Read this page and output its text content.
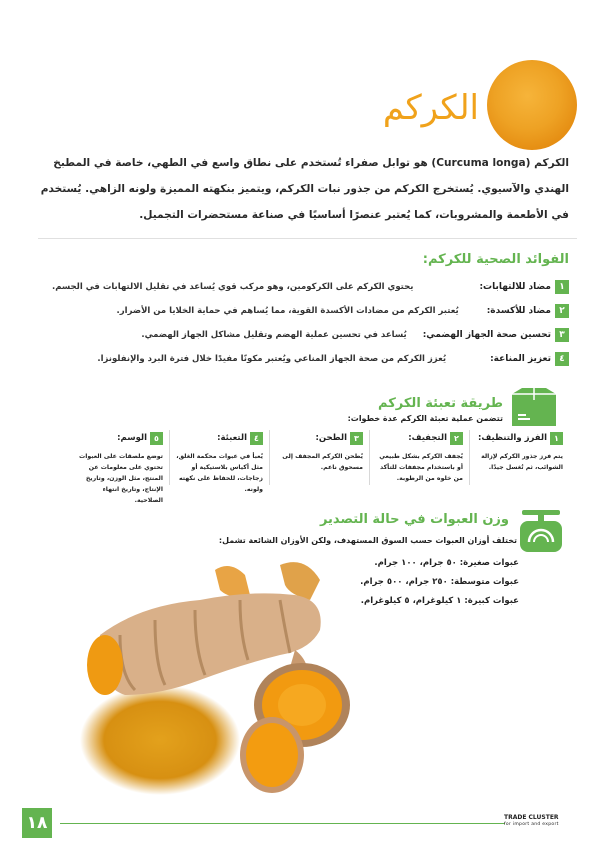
الكركم
الكركم (Curcuma longa) هو توابل صفراء تُستخدم على نطاق واسع في الطهي، خاصة في المطبخ الهندي والآسيوي. يُستخرج الكركم من جذور نبات الكركم، ويتميز بنكهته المميزة ولونه الزاهي. يُستخدم في الأطعمة والمشروبات، كما يُعتبر عنصرًا أساسيًا في صناعة مستحضرات التجميل.
الفوائد الصحية للكركم:
١
مضاد للالتهابات:
يحتوي الكركم على الكركومين، وهو مركب قوي يُساعد في تقليل الالتهابات في الجسم.
٢
مضاد للأكسدة:
يُعتبر الكركم من مضادات الأكسدة القوية، مما يُساهم في حماية الخلايا من الأضرار.
٣
تحسين صحة الجهاز الهضمي:
يُساعد في تحسين عملية الهضم وتقليل مشاكل الجهاز الهضمي.
٤
تعزيز المناعة:
يُعزز الكركم من صحة الجهاز المناعي ويُعتبر مكونًا مفيدًا خلال فترة البرد والإنفلونزا.
طريقة تعبئة الكركم
تتضمن عملية تعبئة الكركم عدة خطوات:
١
الفرز والتنظيف:
يتم فرز جذور الكركم لإزالة الشوائب، ثم تُغسل جيدًا.
٢
التجفيف:
يُجفف الكركم بشكل طبيعي أو باستخدام مجففات للتأكد من خلوه من الرطوبة.
٣
الطحن:
يُطحن الكركم المجفف إلى مسحوق ناعم.
٤
التعبئة:
يُعبأ في عبوات محكمة الغلق، مثل أكياس بلاستيكية أو زجاجات، للحفاظ على نكهته ولونه.
٥
الوسم:
توضع ملصقات على العبوات تحتوي على معلومات عن المنتج، مثل الوزن، وتاريخ الإنتاج، وتاريخ انتهاء الصلاحية.
وزن العبوات في حالة التصدير
تختلف أوزان العبوات حسب السوق المستهدف، ولكن الأوزان الشائعة تشمل:
عبوات صغيرة: ٥٠ جرام، ١٠٠ جرام.
عبوات متوسطة: ٢٥٠ جرام، ٥٠٠ جرام.
عبوات كبيرة: ١ كيلوغرام، ٥ كيلوغرام.
١٨	TRADE CLUSTER
for import and export
